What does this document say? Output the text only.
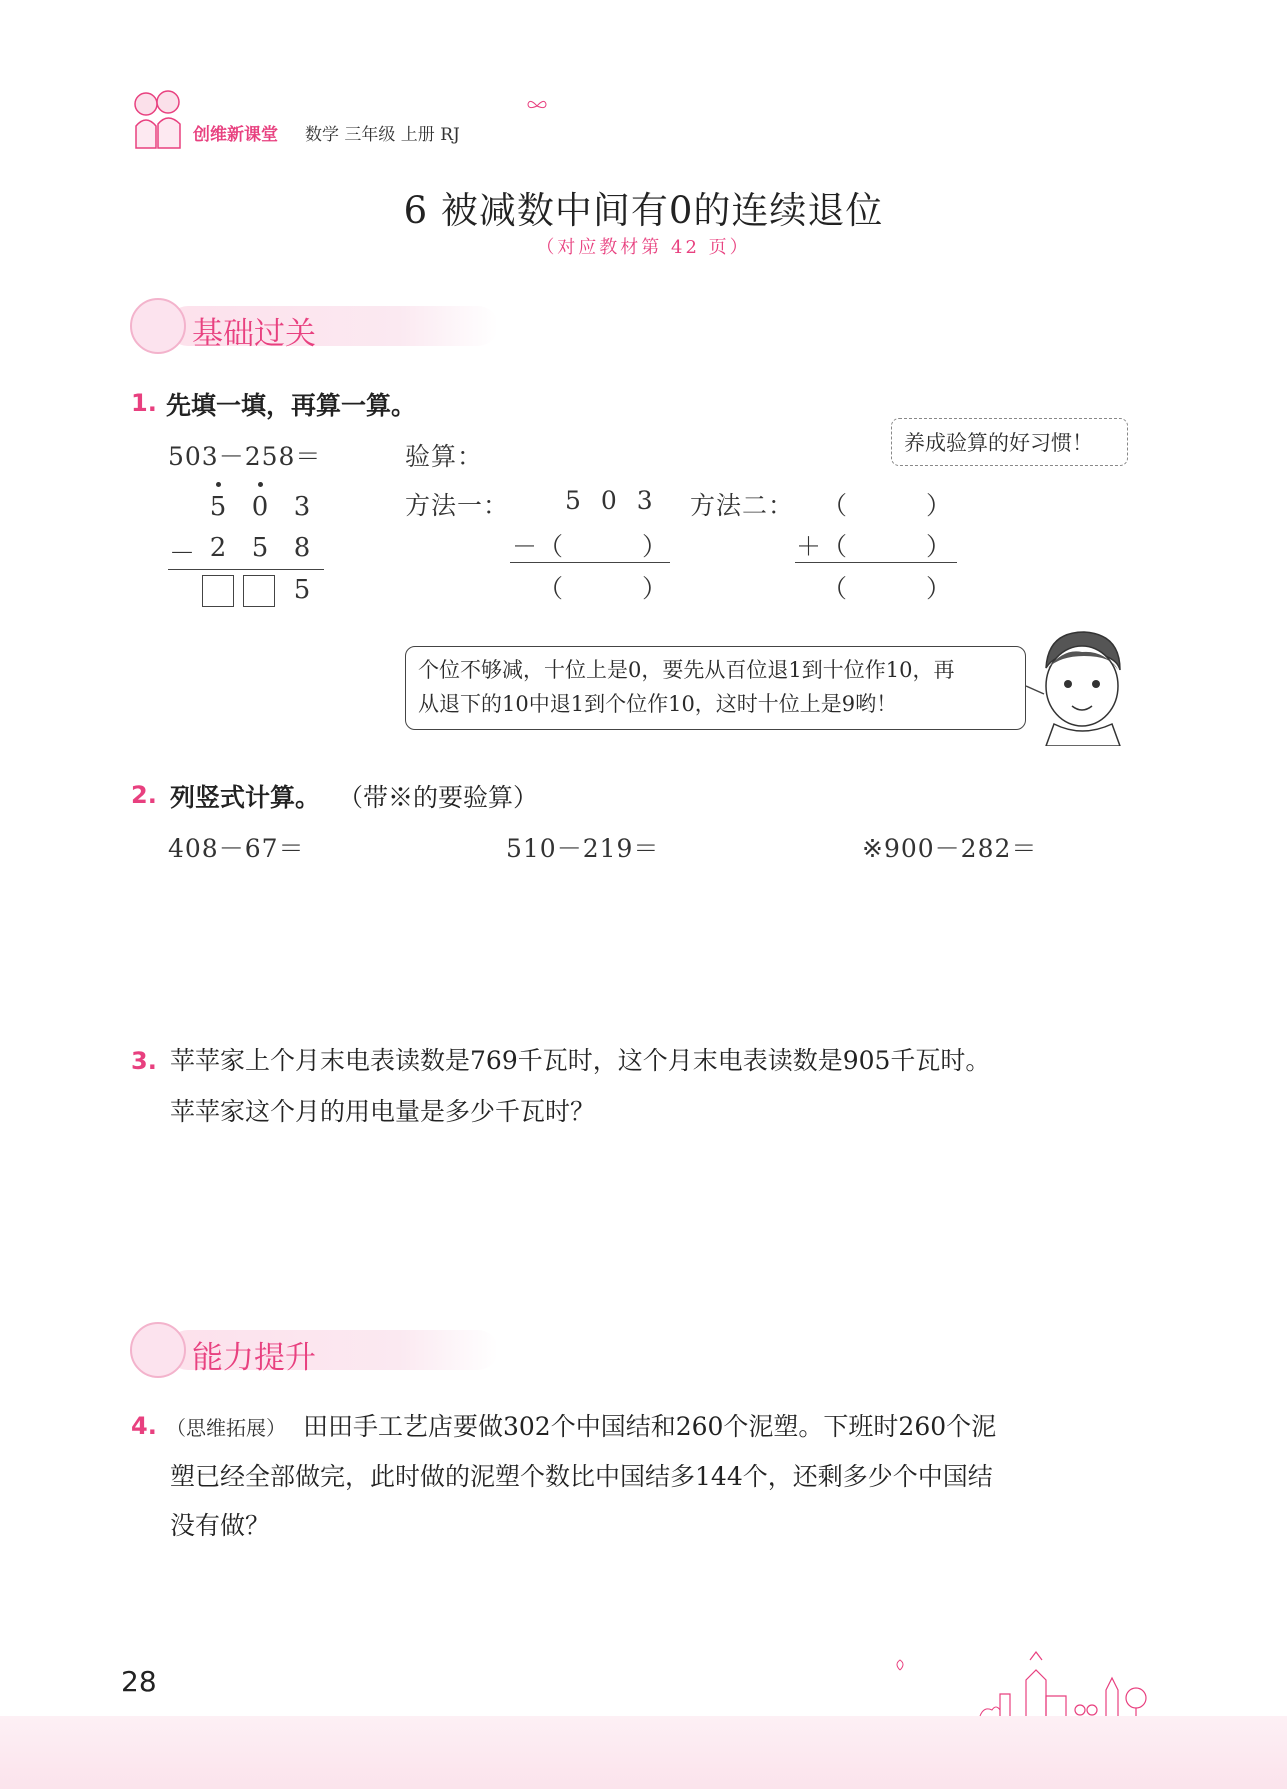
创维新课堂 数学 三年级 上册 RJ
6 被减数中间有0的连续退位
（对应教材第 42 页）
基础过关
1. 先填一填，再算一算。
503－258＝
5 0 3
－ 2 5 8
5
验算：
方法一： 5 0 3
－（　　　）
（　　　）
方法二： （　　　）
＋（　　　）
（　　　）
养成验算的好习惯！
个位不够减，十位上是0，要先从百位退1到十位作10，再
从退下的10中退1到个位作10，这时十位上是9哟！
2. 列竖式计算。 （带※的要验算）
408－67＝	510－219＝	※900－282＝
3. 苹苹家上个月末电表读数是769千瓦时，这个月末电表读数是905千瓦时。
苹苹家这个月的用电量是多少千瓦时？
能力提升
4. （思维拓展） 田田手工艺店要做302个中国结和260个泥塑。下班时260个泥
塑已经全部做完，此时做的泥塑个数比中国结多144个，还剩多少个中国结
没有做？
28
